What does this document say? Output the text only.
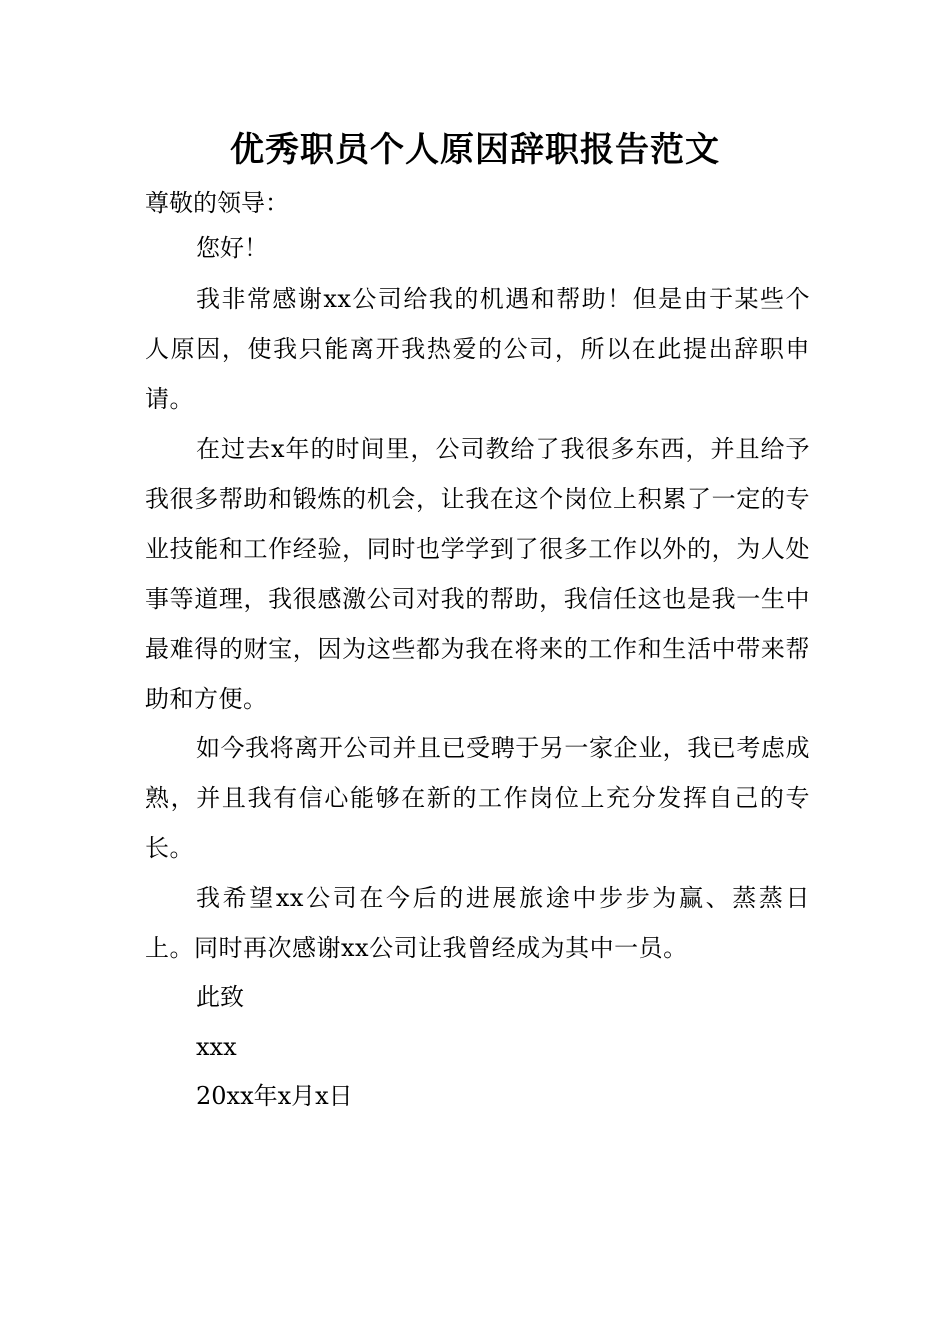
优秀职员个人原因辞职报告范文
尊敬的领导：
您好！

我非常感谢xx公司给我的机遇和帮助！但是由于某些个人原因，使我只能离开我热爱的公司，所以在此提出辞职申请。

在过去x年的时间里，公司教给了我很多东西，并且给予我很多帮助和锻炼的机会，让我在这个岗位上积累了一定的专业技能和工作经验，同时也学学到了很多工作以外的，为人处事等道理，我很感激公司对我的帮助，我信任这也是我一生中最难得的财宝，因为这些都为我在将来的工作和生活中带来帮助和方便。

如今我将离开公司并且已受聘于另一家企业，我已考虑成熟，并且我有信心能够在新的工作岗位上充分发挥自己的专长。

我希望xx公司在今后的进展旅途中步步为赢、蒸蒸日上。同时再次感谢xx公司让我曾经成为其中一员。

此致
xxx
20xx年x月x日
